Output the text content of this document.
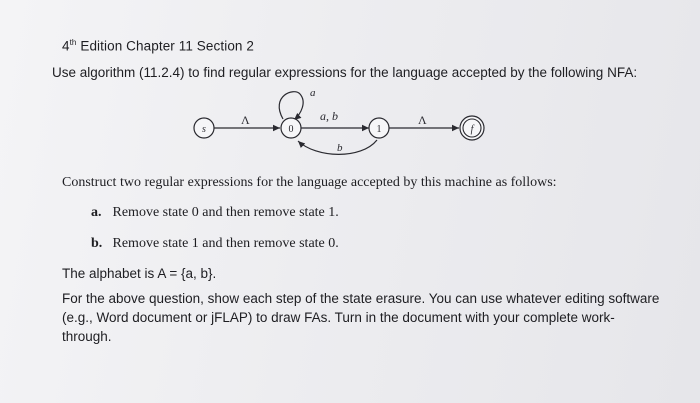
4th Edition Chapter 11 Section 2
Use algorithm (11.2.4) to find regular expressions for the language accepted by the following NFA:
Λ
a
a, b
b
Λ
s	0	1	f
Construct two regular expressions for the language accepted by this machine as follows:
a. Remove state 0 and then remove state 1.
b. Remove state 1 and then remove state 0.
The alphabet is A = {a, b}.
For the above question, show each step of the state erasure. You can use whatever editing software (e.g., Word document or jFLAP) to draw FAs. Turn in the document with your complete work-through.
